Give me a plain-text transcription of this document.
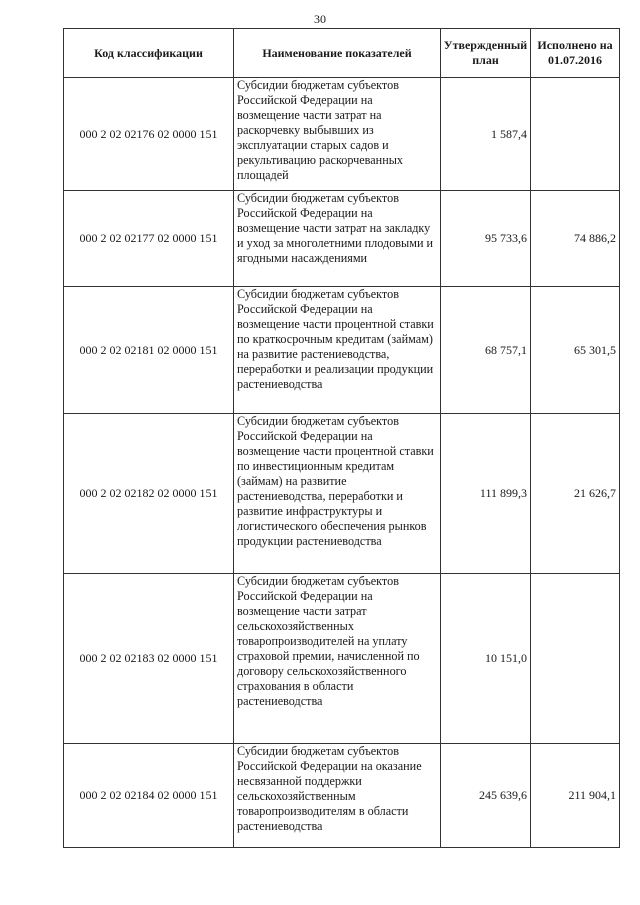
30
Код классификации	Наименование показателей	Утвержденный план	Исполнено на 01.07.2016
000 2 02 02176 02 0000 151	Субсидии бюджетам субъектов Российской Федерации на возмещение части затрат на раскорчевку выбывших из эксплуатации старых садов и рекультивацию раскорчеванных площадей	1 587,4	
000 2 02 02177 02 0000 151	Субсидии бюджетам субъектов Российской Федерации на возмещение части затрат на закладку и уход за многолетними плодовыми и ягодными насаждениями	95 733,6	74 886,2
000 2 02 02181 02 0000 151	Субсидии бюджетам субъектов Российской Федерации на возмещение части процентной ставки по краткосрочным кредитам (займам) на развитие растениеводства, переработки и реализации продукции растениеводства	68 757,1	65 301,5
000 2 02 02182 02 0000 151	Субсидии бюджетам субъектов Российской Федерации на возмещение части процентной ставки по инвестиционным кредитам (займам) на развитие растениеводства, переработки и развитие инфраструктуры и логистического обеспечения рынков продукции растениеводства	111 899,3	21 626,7
000 2 02 02183 02 0000 151	Субсидии бюджетам субъектов Российской Федерации на возмещение части затрат сельскохозяйственных товаропроизводителей на уплату страховой премии, начисленной по договору сельскохозяйственного страхования в области растениеводства	10 151,0	
000 2 02 02184 02 0000 151	Субсидии бюджетам субъектов Российской Федерации на оказание несвязанной поддержки сельскохозяйственным товаропроизводителям в области растениеводства	245 639,6	211 904,1
